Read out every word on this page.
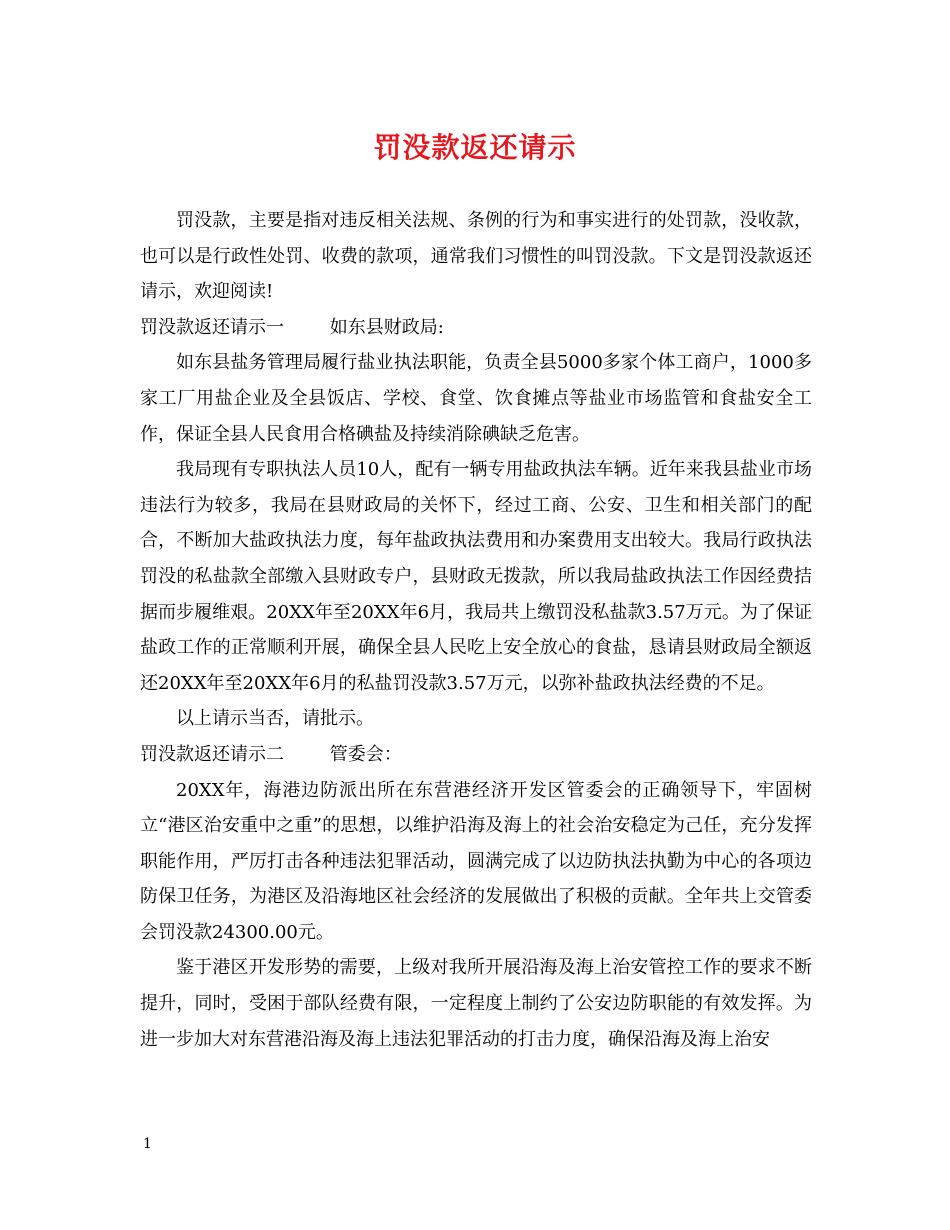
罚没款返还请示

罚没款，主要是指对违反相关法规、条例的行为和事实进行的处罚款，没收款，也可以是行政性处罚、收费的款项，通常我们习惯性的叫罚没款。下文是罚没款返还请示，欢迎阅读!

罚没款返还请示一	如东县财政局:

如东县盐务管理局履行盐业执法职能，负责全县5000多家个体工商户，1000多家工厂用盐企业及全县饭店、学校、食堂、饮食摊点等盐业市场监管和食盐安全工作，保证全县人民食用合格碘盐及持续消除碘缺乏危害。

我局现有专职执法人员10人，配有一辆专用盐政执法车辆。近年来我县盐业市场违法行为较多，我局在县财政局的关怀下，经过工商、公安、卫生和相关部门的配合，不断加大盐政执法力度，每年盐政执法费用和办案费用支出较大。我局行政执法罚没的私盐款全部缴入县财政专户，县财政无拨款，所以我局盐政执法工作因经费拮据而步履维艰。20XX年至20XX年6月，我局共上缴罚没私盐款3.57万元。为了保证盐政工作的正常顺利开展，确保全县人民吃上安全放心的食盐，恳请县财政局全额返还20XX年至20XX年6月的私盐罚没款3.57万元，以弥补盐政执法经费的不足。

以上请示当否，请批示。

罚没款返还请示二	管委会：

20XX年，海港边防派出所在东营港经济开发区管委会的正确领导下，牢固树立“港区治安重中之重”的思想，以维护沿海及海上的社会治安稳定为己任，充分发挥职能作用，严厉打击各种违法犯罪活动，圆满完成了以边防执法执勤为中心的各项边防保卫任务，为港区及沿海地区社会经济的发展做出了积极的贡献。全年共上交管委会罚没款24300.00元。

鉴于港区开发形势的需要，上级对我所开展沿海及海上治安管控工作的要求不断提升，同时，受困于部队经费有限，一定程度上制约了公安边防职能的有效发挥。为进一步加大对东营港沿海及海上违法犯罪活动的打击力度，确保沿海及海上治安

1
